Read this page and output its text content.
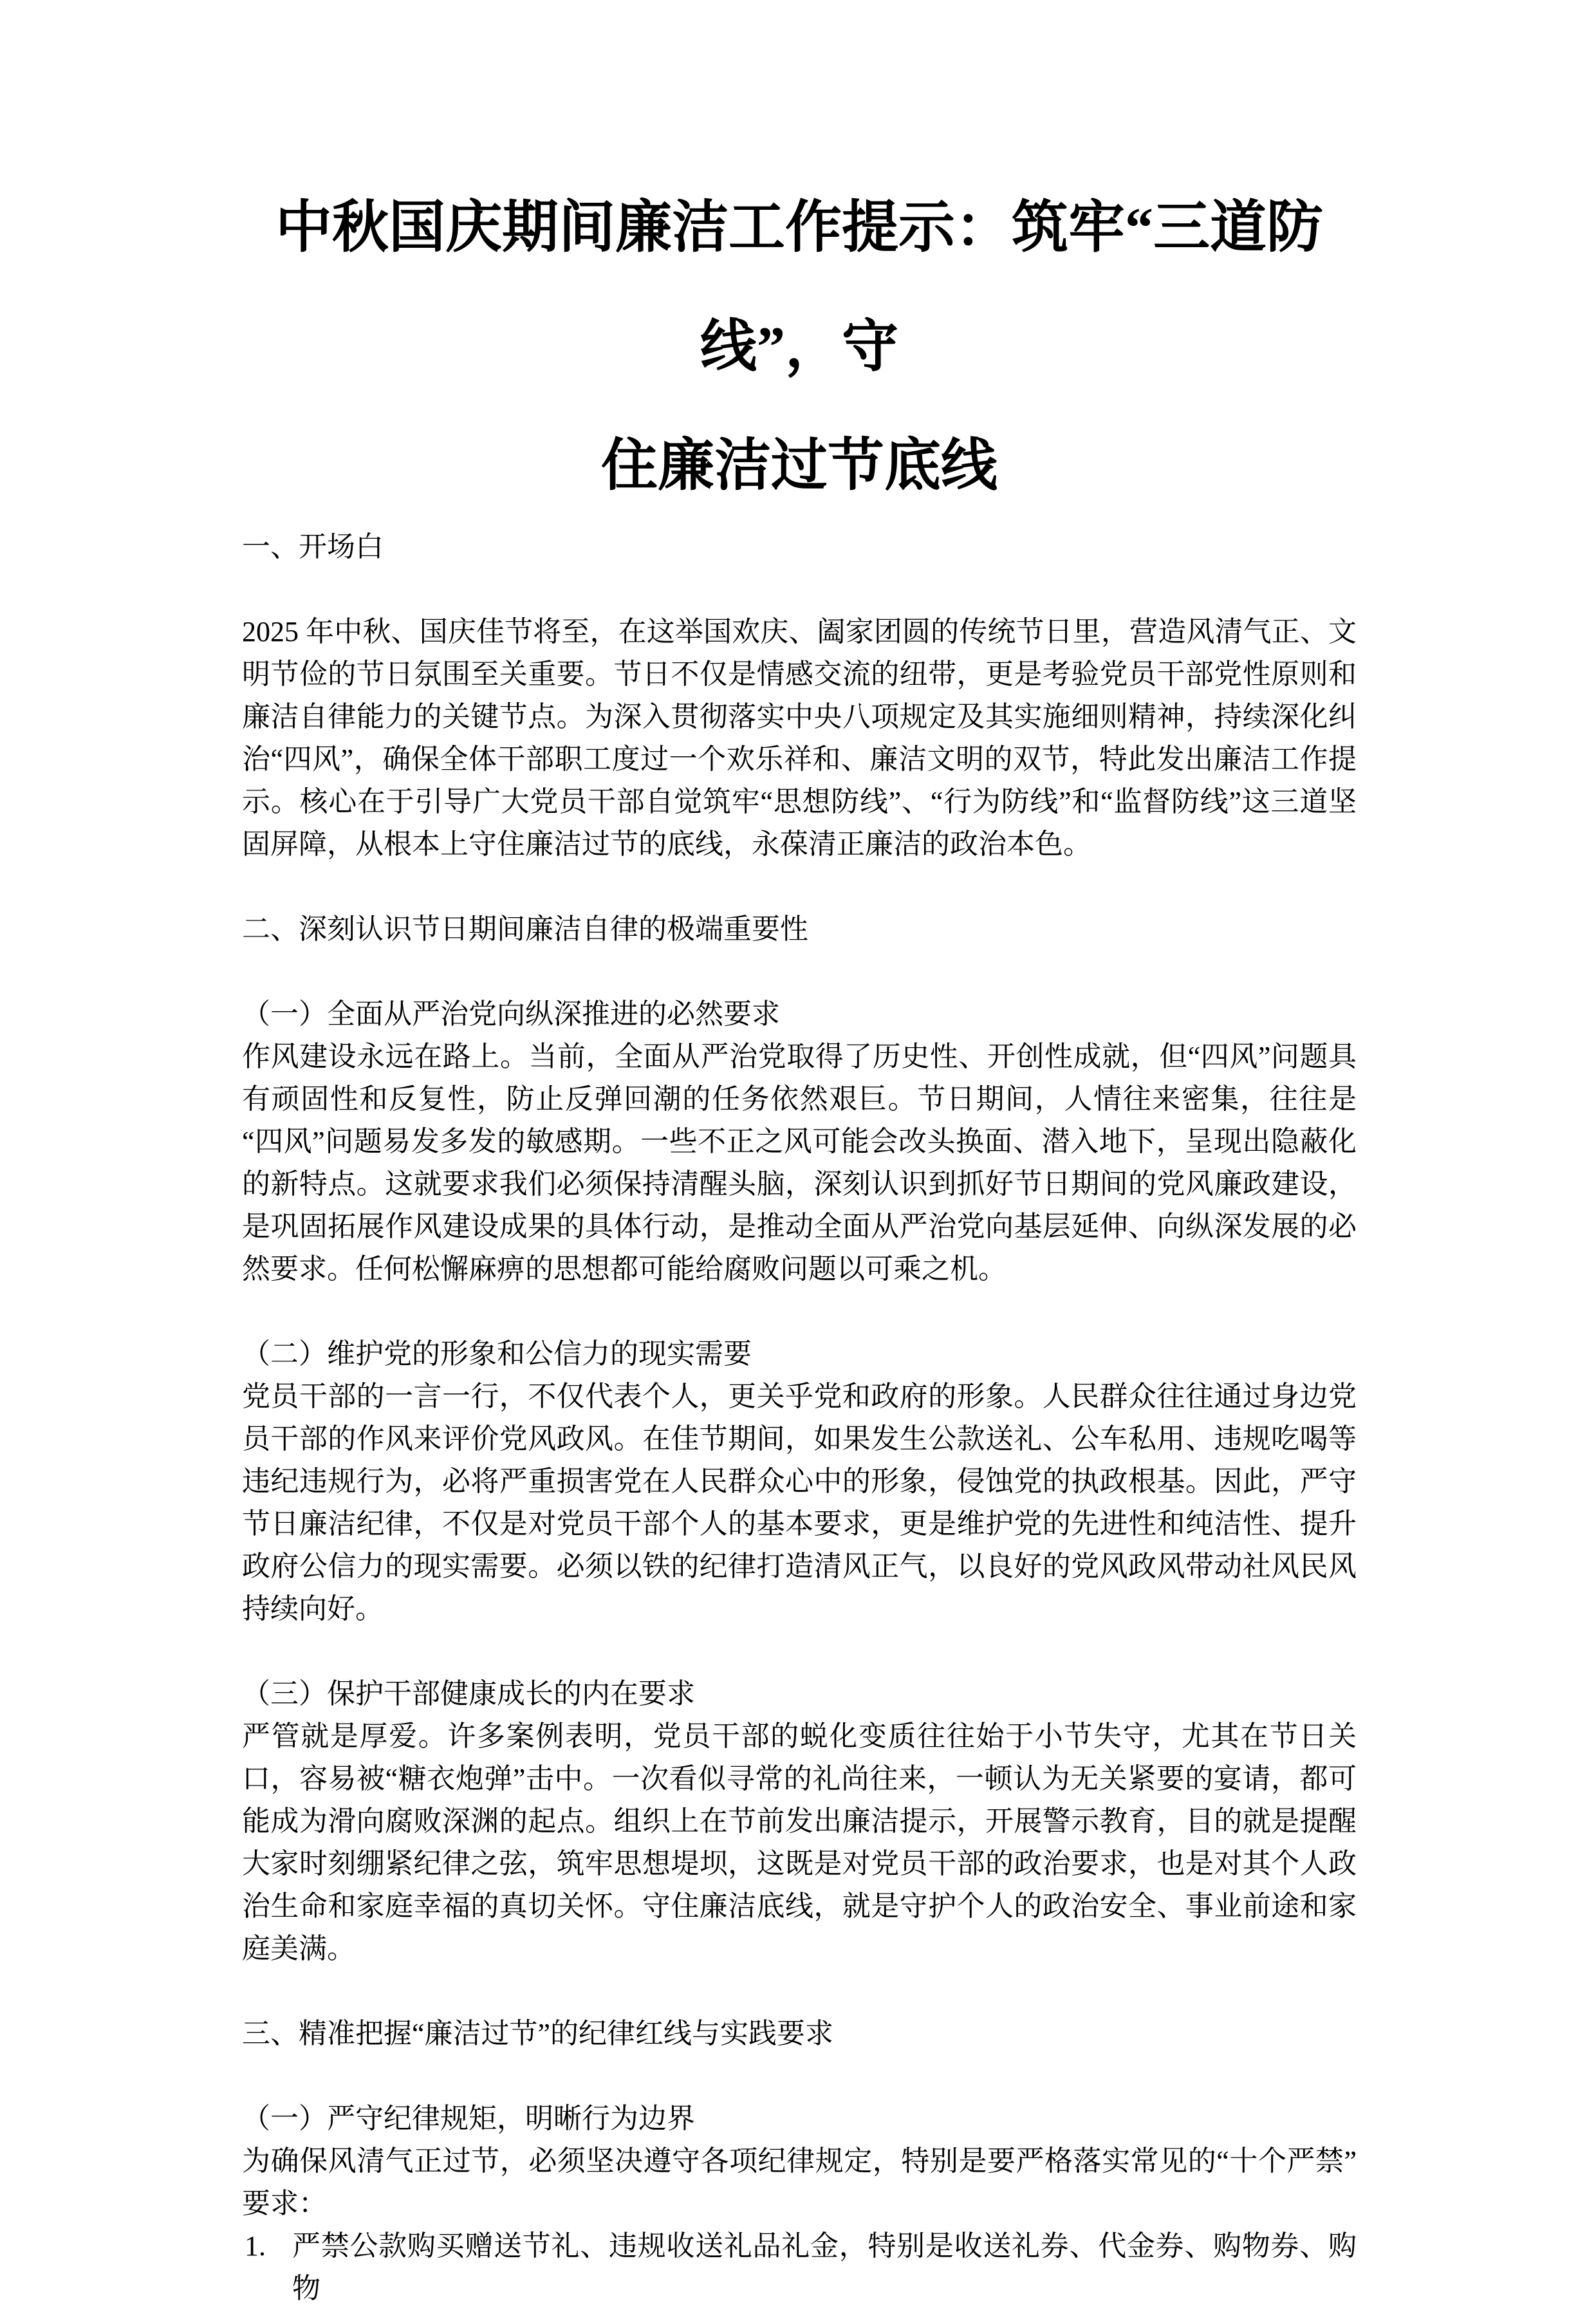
中秋国庆期间廉洁工作提示：筑牢“三道防线”，守
住廉洁过节底线

一、开场白

2025 年中秋、国庆佳节将至，在这举国欢庆、阖家团圆的传统节日里，营造风清气正、文明节俭的节日氛围至关重要。节日不仅是情感交流的纽带，更是考验党员干部党性原则和廉洁自律能力的关键节点。为深入贯彻落实中央八项规定及其实施细则精神，持续深化纠治“四风”，确保全体干部职工度过一个欢乐祥和、廉洁文明的双节，特此发出廉洁工作提示。核心在于引导广大党员干部自觉筑牢“思想防线”、“行为防线”和“监督防线”这三道坚固屏障，从根本上守住廉洁过节的底线，永葆清正廉洁的政治本色。

二、深刻认识节日期间廉洁自律的极端重要性

（一）全面从严治党向纵深推进的必然要求

作风建设永远在路上。当前，全面从严治党取得了历史性、开创性成就，但“四风”问题具有顽固性和反复性，防止反弹回潮的任务依然艰巨。节日期间，人情往来密集，往往是“四风”问题易发多发的敏感期。一些不正之风可能会改头换面、潜入地下，呈现出隐蔽化的新特点。这就要求我们必须保持清醒头脑，深刻认识到抓好节日期间的党风廉政建设，是巩固拓展作风建设成果的具体行动，是推动全面从严治党向基层延伸、向纵深发展的必然要求。任何松懈麻痹的思想都可能给腐败问题以可乘之机。

（二）维护党的形象和公信力的现实需要

党员干部的一言一行，不仅代表个人，更关乎党和政府的形象。人民群众往往通过身边党员干部的作风来评价党风政风。在佳节期间，如果发生公款送礼、公车私用、违规吃喝等违纪违规行为，必将严重损害党在人民群众心中的形象，侵蚀党的执政根基。因此，严守节日廉洁纪律，不仅是对党员干部个人的基本要求，更是维护党的先进性和纯洁性、提升政府公信力的现实需要。必须以铁的纪律打造清风正气，以良好的党风政风带动社风民风持续向好。

（三）保护干部健康成长的内在要求

严管就是厚爱。许多案例表明，党员干部的蜕化变质往往始于小节失守，尤其在节日关口，容易被“糖衣炮弹”击中。一次看似寻常的礼尚往来，一顿认为无关紧要的宴请，都可能成为滑向腐败深渊的起点。组织上在节前发出廉洁提示，开展警示教育，目的就是提醒大家时刻绷紧纪律之弦，筑牢思想堤坝，这既是对党员干部的政治要求，也是对其个人政治生命和家庭幸福的真切关怀。守住廉洁底线，就是守护个人的政治安全、事业前途和家庭美满。

三、精准把握“廉洁过节”的纪律红线与实践要求

（一）严守纪律规矩，明晰行为边界

为确保风清气正过节，必须坚决遵守各项纪律规定，特别是要严格落实常见的“十个严禁”要求：

1. 严禁公款购买赠送节礼、违规收送礼品礼金，特别是收送礼券、代金券、购物券、购物
